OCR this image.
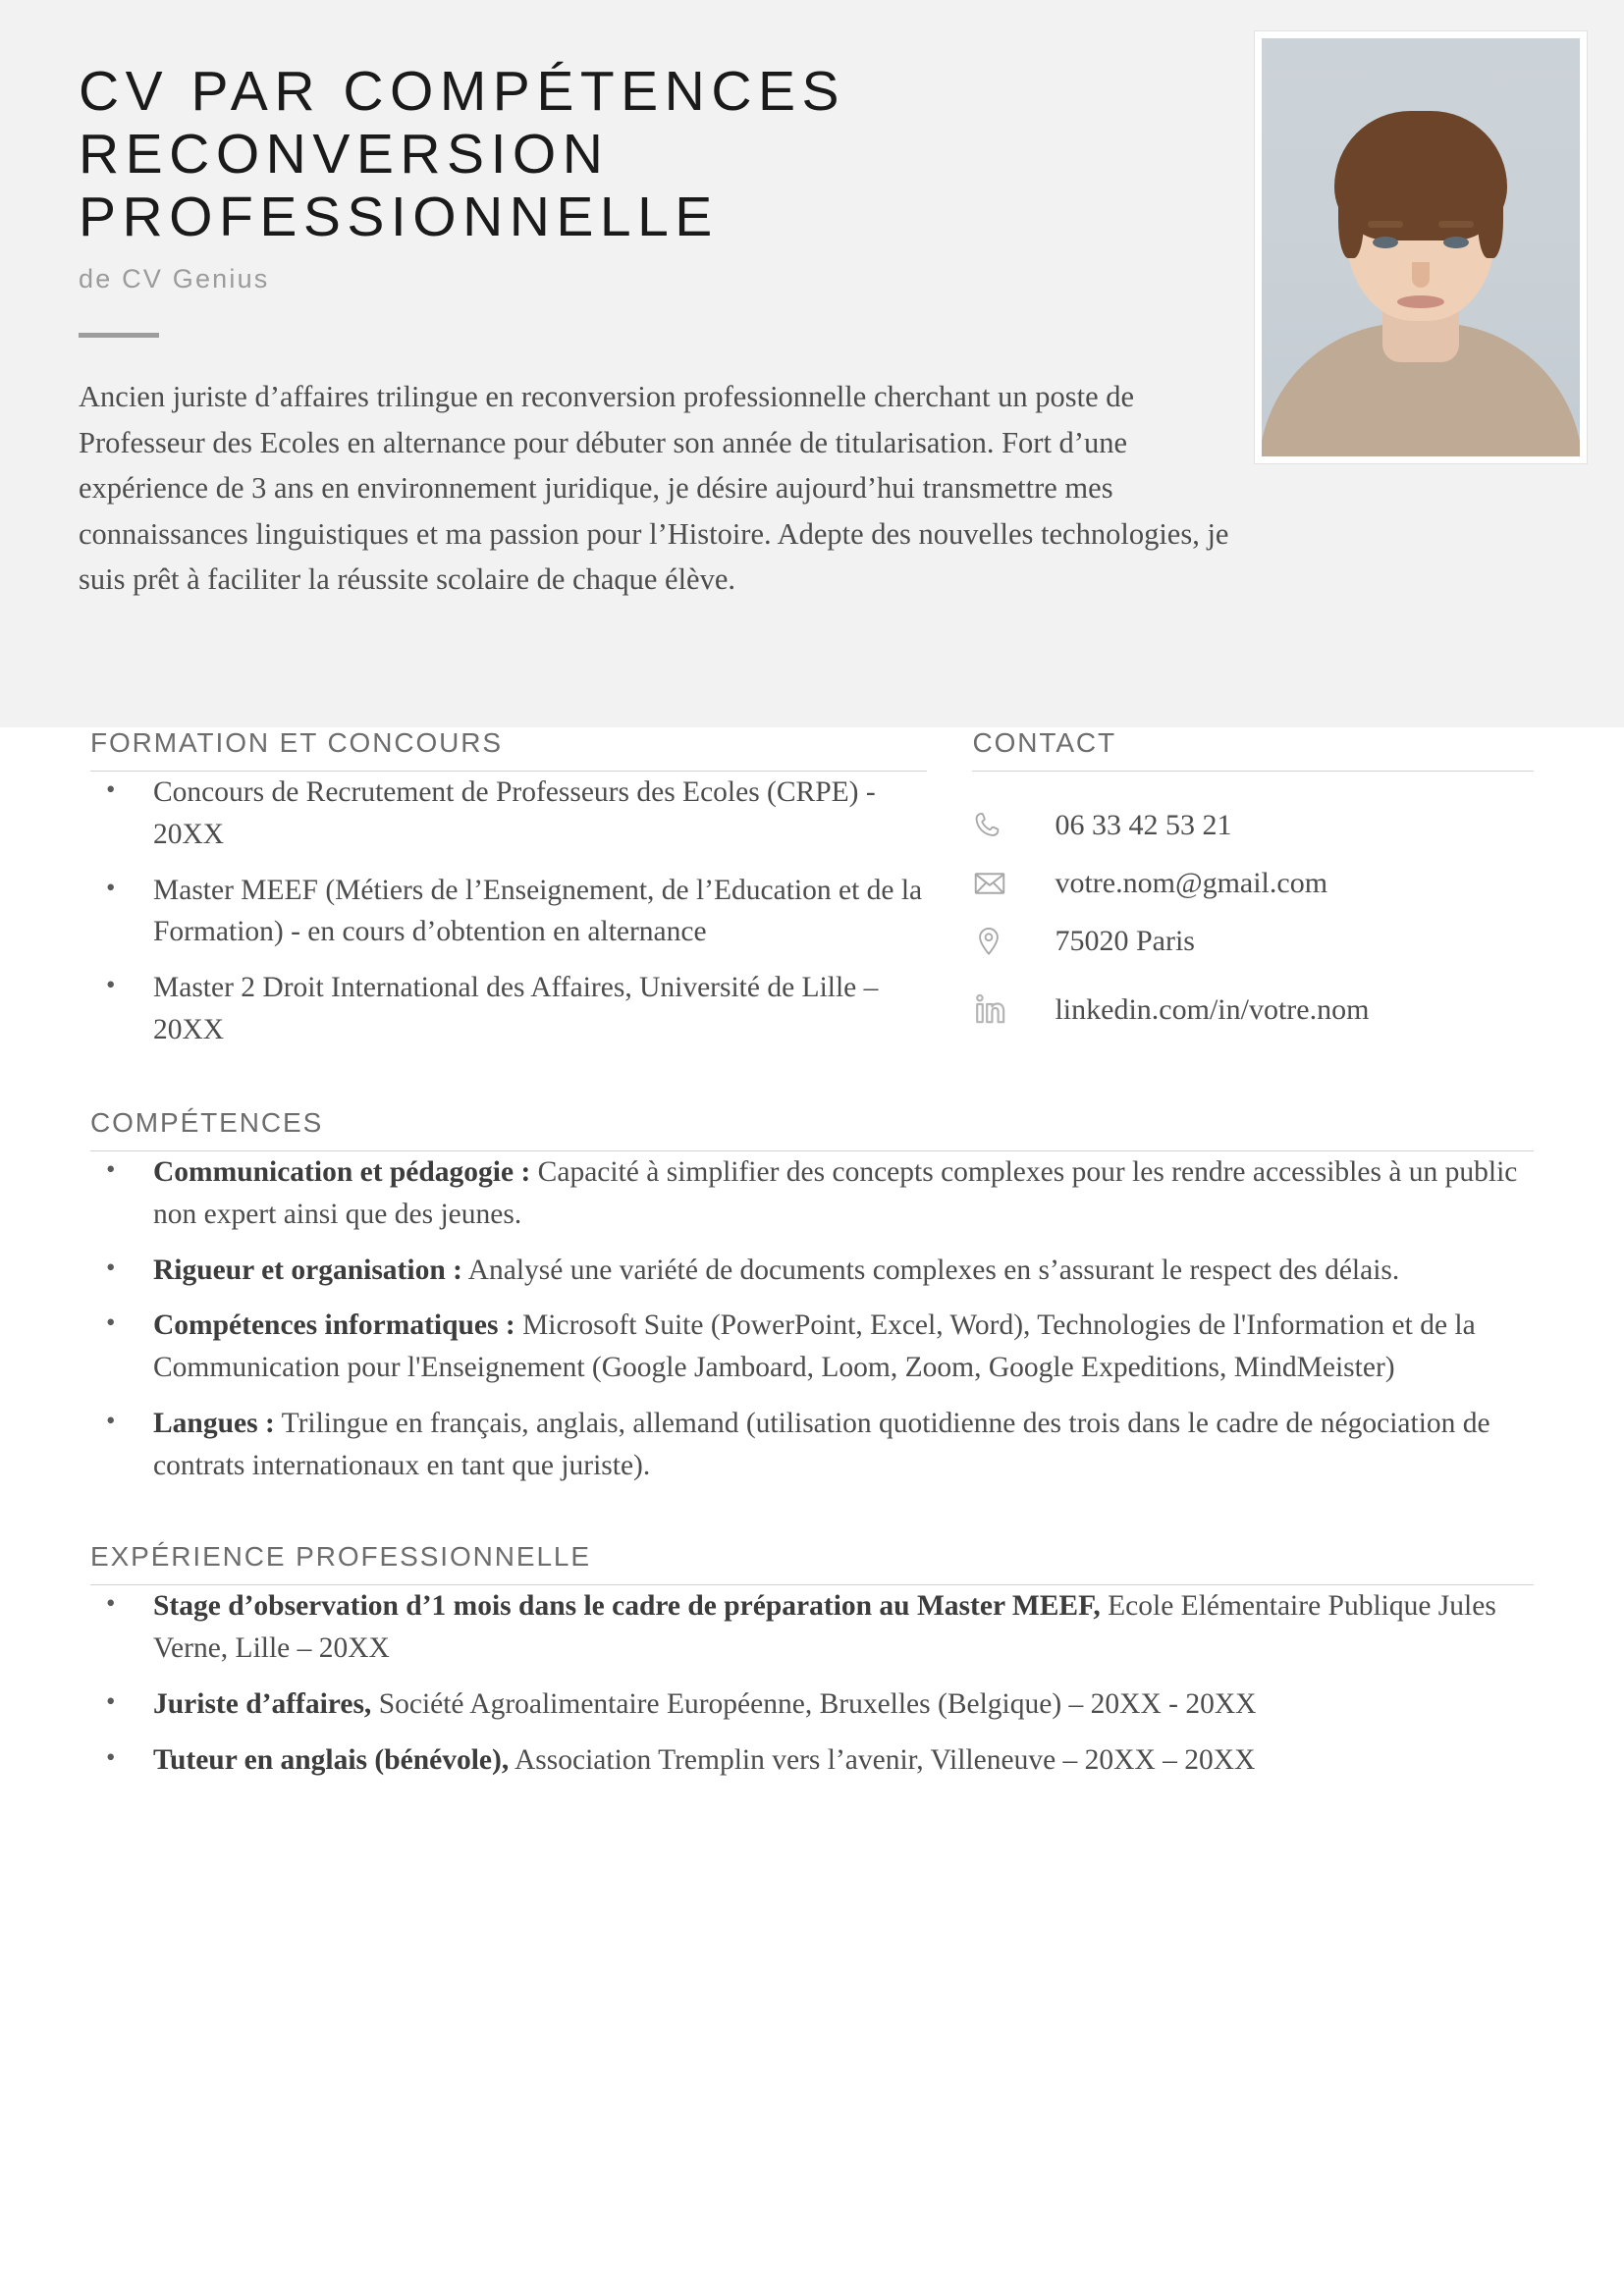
CV PAR COMPÉTENCES RECONVERSION PROFESSIONNELLE
de CV Genius

Ancien juriste d’affaires trilingue en reconversion professionnelle cherchant un poste de Professeur des Ecoles en alternance pour débuter son année de titularisation. Fort d’une expérience de 3 ans en environnement juridique, je désire aujourd’hui transmettre mes connaissances linguistiques et ma passion pour l’Histoire. Adepte des nouvelles technologies, je suis prêt à faciliter la réussite scolaire de chaque élève.

FORMATION ET CONCOURS
• Concours de Recrutement de Professeurs des Ecoles (CRPE) - 20XX
• Master MEEF (Métiers de l’Enseignement, de l’Education et de la Formation) - en cours d’obtention en alternance
• Master 2 Droit International des Affaires, Université de Lille – 20XX
CONTACT
06 33 42 53 21
votre.nom@gmail.com
75020 Paris
linkedin.com/in/votre.nom
COMPÉTENCES
• Communication et pédagogie : Capacité à simplifier des concepts complexes pour les rendre accessibles à un public non expert ainsi que des jeunes.
• Rigueur et organisation : Analysé une variété de documents complexes en s’assurant le respect des délais.
• Compétences informatiques : Microsoft Suite (PowerPoint, Excel, Word), Technologies de l'Information et de la Communication pour l'Enseignement (Google Jamboard, Loom, Zoom, Google Expeditions, MindMeister)
• Langues : Trilingue en français, anglais, allemand (utilisation quotidienne des trois dans le cadre de négociation de contrats internationaux en tant que juriste).
EXPÉRIENCE PROFESSIONNELLE
• Stage d’observation d’1 mois dans le cadre de préparation au Master MEEF, Ecole Elémentaire Publique Jules Verne, Lille – 20XX
• Juriste d’affaires, Société Agroalimentaire Européenne, Bruxelles (Belgique) – 20XX - 20XX
• Tuteur en anglais (bénévole), Association Tremplin vers l’avenir, Villeneuve – 20XX – 20XX
